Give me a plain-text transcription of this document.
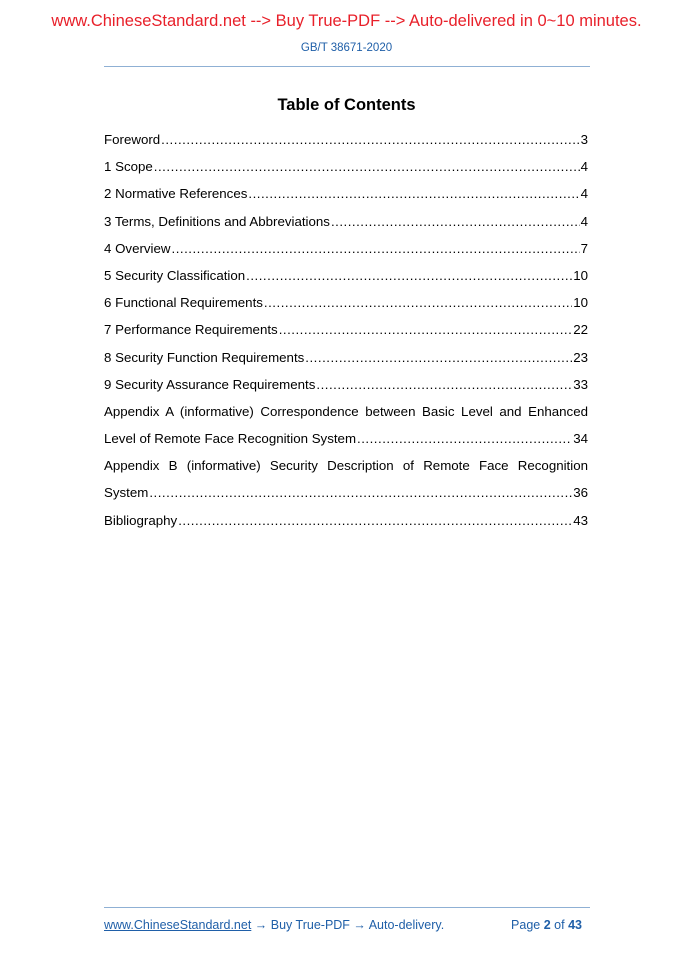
www.ChineseStandard.net --> Buy True-PDF --> Auto-delivered in 0~10 minutes.
GB/T 38671-2020
Table of Contents
Foreword .....	3
1 Scope .....	4
2 Normative References .....	4
3 Terms, Definitions and Abbreviations .....	4
4 Overview .....	7
5 Security Classification .....	10
6 Functional Requirements .....	10
7 Performance Requirements .....	22
8 Security Function Requirements .....	23
9 Security Assurance Requirements .....	33
Appendix A (informative) Correspondence between Basic Level and Enhanced
Level of Remote Face Recognition System .....	34
Appendix B (informative) Security Description of Remote Face Recognition
System .....	36
Bibliography .....	43
www.ChineseStandard.net → Buy True-PDF → Auto-delivery.	Page 2 of 43
